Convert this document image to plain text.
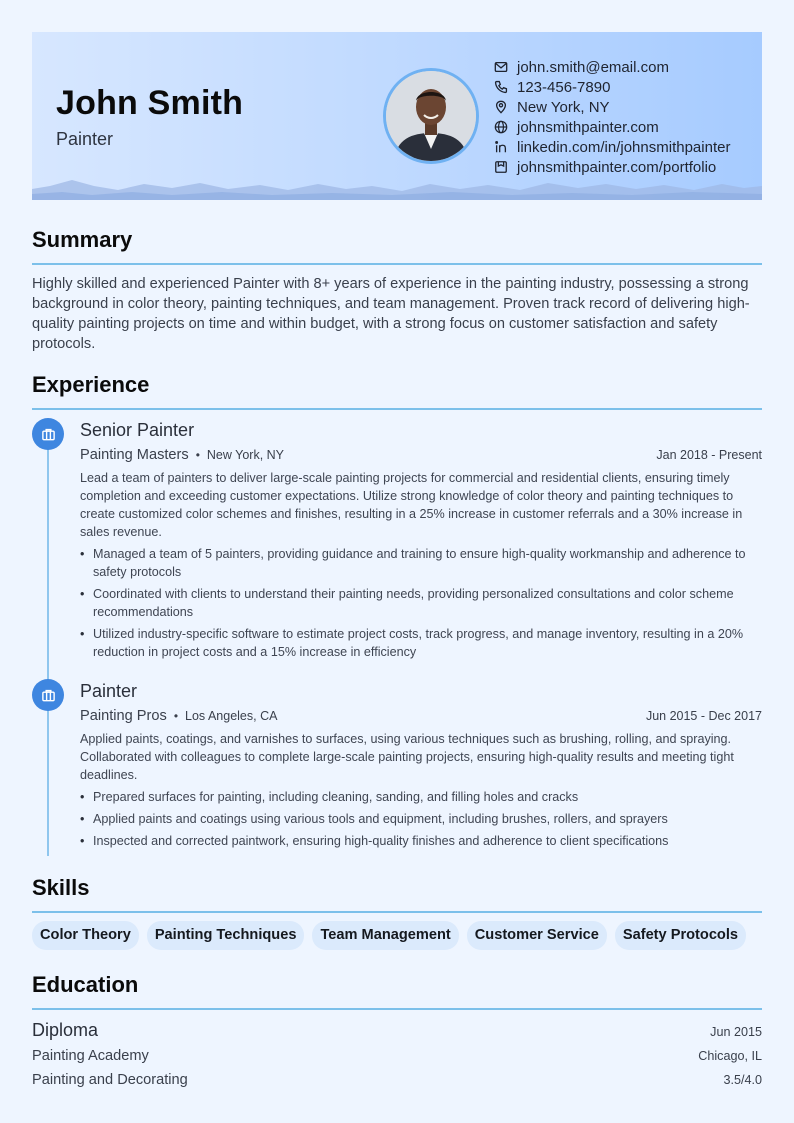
John Smith
Painter
john.smith@email.com
123-456-7890
New York, NY
johnsmithpainter.com
linkedin.com/in/johnsmithpainter
johnsmithpainter.com/portfolio
Summary
Highly skilled and experienced Painter with 8+ years of experience in the painting industry, possessing a strong background in color theory, painting techniques, and team management. Proven track record of delivering high-quality painting projects on time and within budget, with a strong focus on customer satisfaction and safety protocols.
Experience
Senior Painter
Painting Masters • New York, NY	Jan 2018 - Present
Lead a team of painters to deliver large-scale painting projects for commercial and residential clients, ensuring timely completion and exceeding customer expectations. Utilize strong knowledge of color theory and painting techniques to create customized color schemes and finishes, resulting in a 25% increase in customer referrals and a 30% increase in sales revenue.
• Managed a team of 5 painters, providing guidance and training to ensure high-quality workmanship and adherence to safety protocols
• Coordinated with clients to understand their painting needs, providing personalized consultations and color scheme recommendations
• Utilized industry-specific software to estimate project costs, track progress, and manage inventory, resulting in a 20% reduction in project costs and a 15% increase in efficiency
Painter
Painting Pros • Los Angeles, CA	Jun 2015 - Dec 2017
Applied paints, coatings, and varnishes to surfaces, using various techniques such as brushing, rolling, and spraying. Collaborated with colleagues to complete large-scale painting projects, ensuring high-quality results and meeting tight deadlines.
• Prepared surfaces for painting, including cleaning, sanding, and filling holes and cracks
• Applied paints and coatings using various tools and equipment, including brushes, rollers, and sprayers
• Inspected and corrected paintwork, ensuring high-quality finishes and adherence to client specifications
Skills
Color Theory	Painting Techniques	Team Management	Customer Service	Safety Protocols
Education
Diploma	Jun 2015
Painting Academy	Chicago, IL
Painting and Decorating	3.5/4.0
